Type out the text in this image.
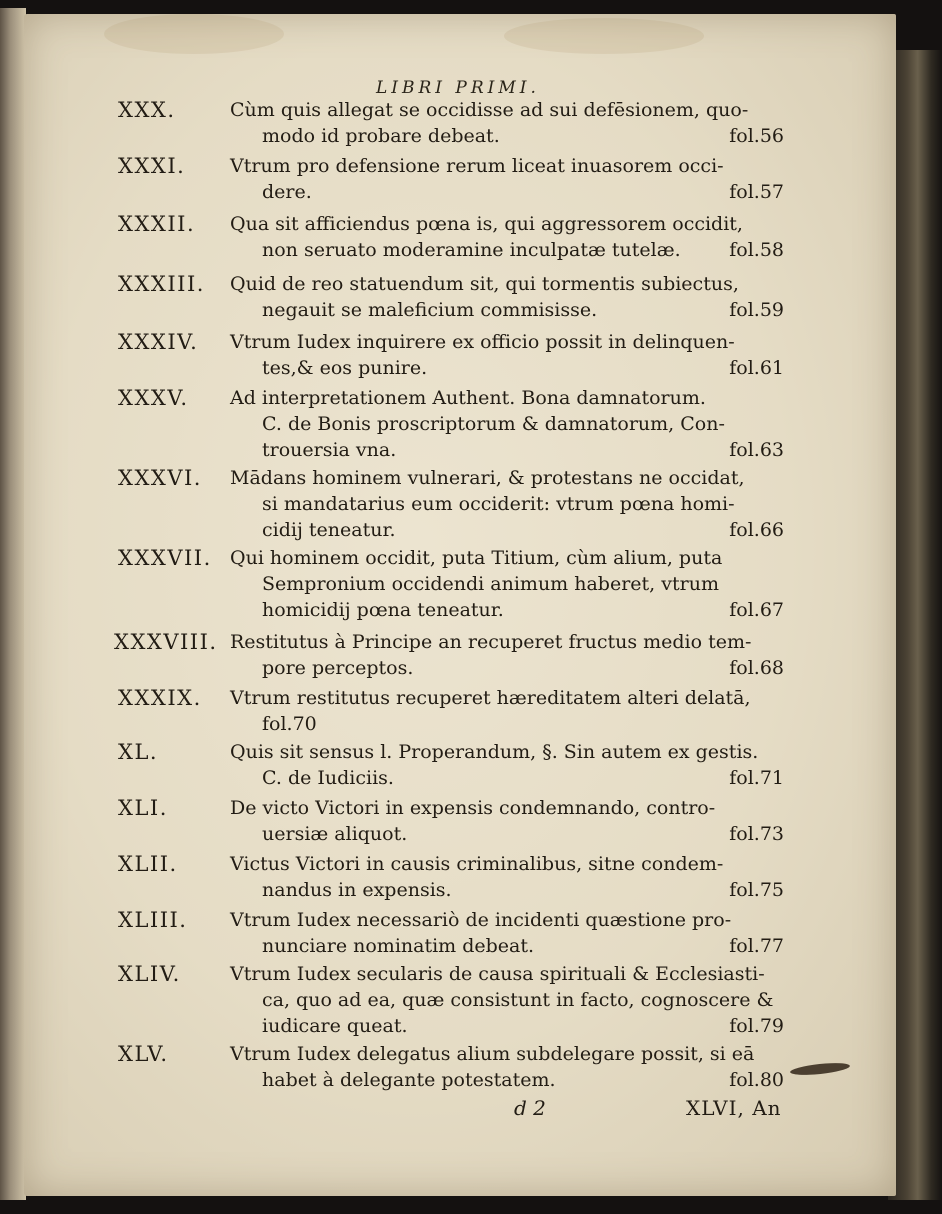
LIBRI PRIMI.
XXX.	Cùm quis allegat se occidisse ad sui defēsionem, quo-
modo id probare debeat.	fol.56
XXXI. Vtrum pro defensione rerum liceat inuasorem occi-
dere.	fol.57
XXXII. Qua sit afficiendus pœna is, qui aggressorem occidit,
non seruato moderamine inculpatæ tutelæ.	fol.58
XXXIII. Quid de reo statuendum sit, qui tormentis subiectus,
negauit se maleficium commisisse.	fol.59
XXXIV. Vtrum Iudex inquirere ex officio possit in delinquen-
tes,& eos punire.	fol.61
XXXV. Ad interpretationem Authent. Bona damnatorum.
C. de Bonis proscriptorum & damnatorum, Con-
trouersia vna.	fol.63
XXXVI. Mādans hominem vulnerari, & protestans ne occidat,
si mandatarius eum occiderit: vtrum pœna homi-
cidij teneatur.	fol.66
XXXVII. Qui hominem occidit, puta Titium, cùm alium, puta
Sempronium occidendi animum haberet, vtrum
homicidij pœna teneatur.	fol.67
XXXVIII. Restitutus à Principe an recuperet fructus medio tem-
pore perceptos.	fol.68
XXXIX. Vtrum restitutus recuperet hæreditatem alteri delatā,
fol.70
XL.	Quis sit sensus l. Properandum, §. Sin autem ex gestis.
C. de Iudiciis.	fol.71
XLI.	De victo Victori in expensis condemnando, contro-
uersiæ aliquot.	fol.73
XLII.	Victus Victori in causis criminalibus, sitne condem-
nandus in expensis.	fol.75
XLIII. Vtrum Iudex necessariò de incidenti quæstione pro-
nunciare nominatim debeat.	fol.77
XLIV.	Vtrum Iudex secularis de causa spirituali & Ecclesiasti-
ca, quo ad ea, quæ consistunt in facto, cognoscere &
iudicare queat.	fol.79
XLV.	Vtrum Iudex delegatus alium subdelegare possit, si eā
habet à delegante potestatem.	fol.80
d 2	XLVI, An
